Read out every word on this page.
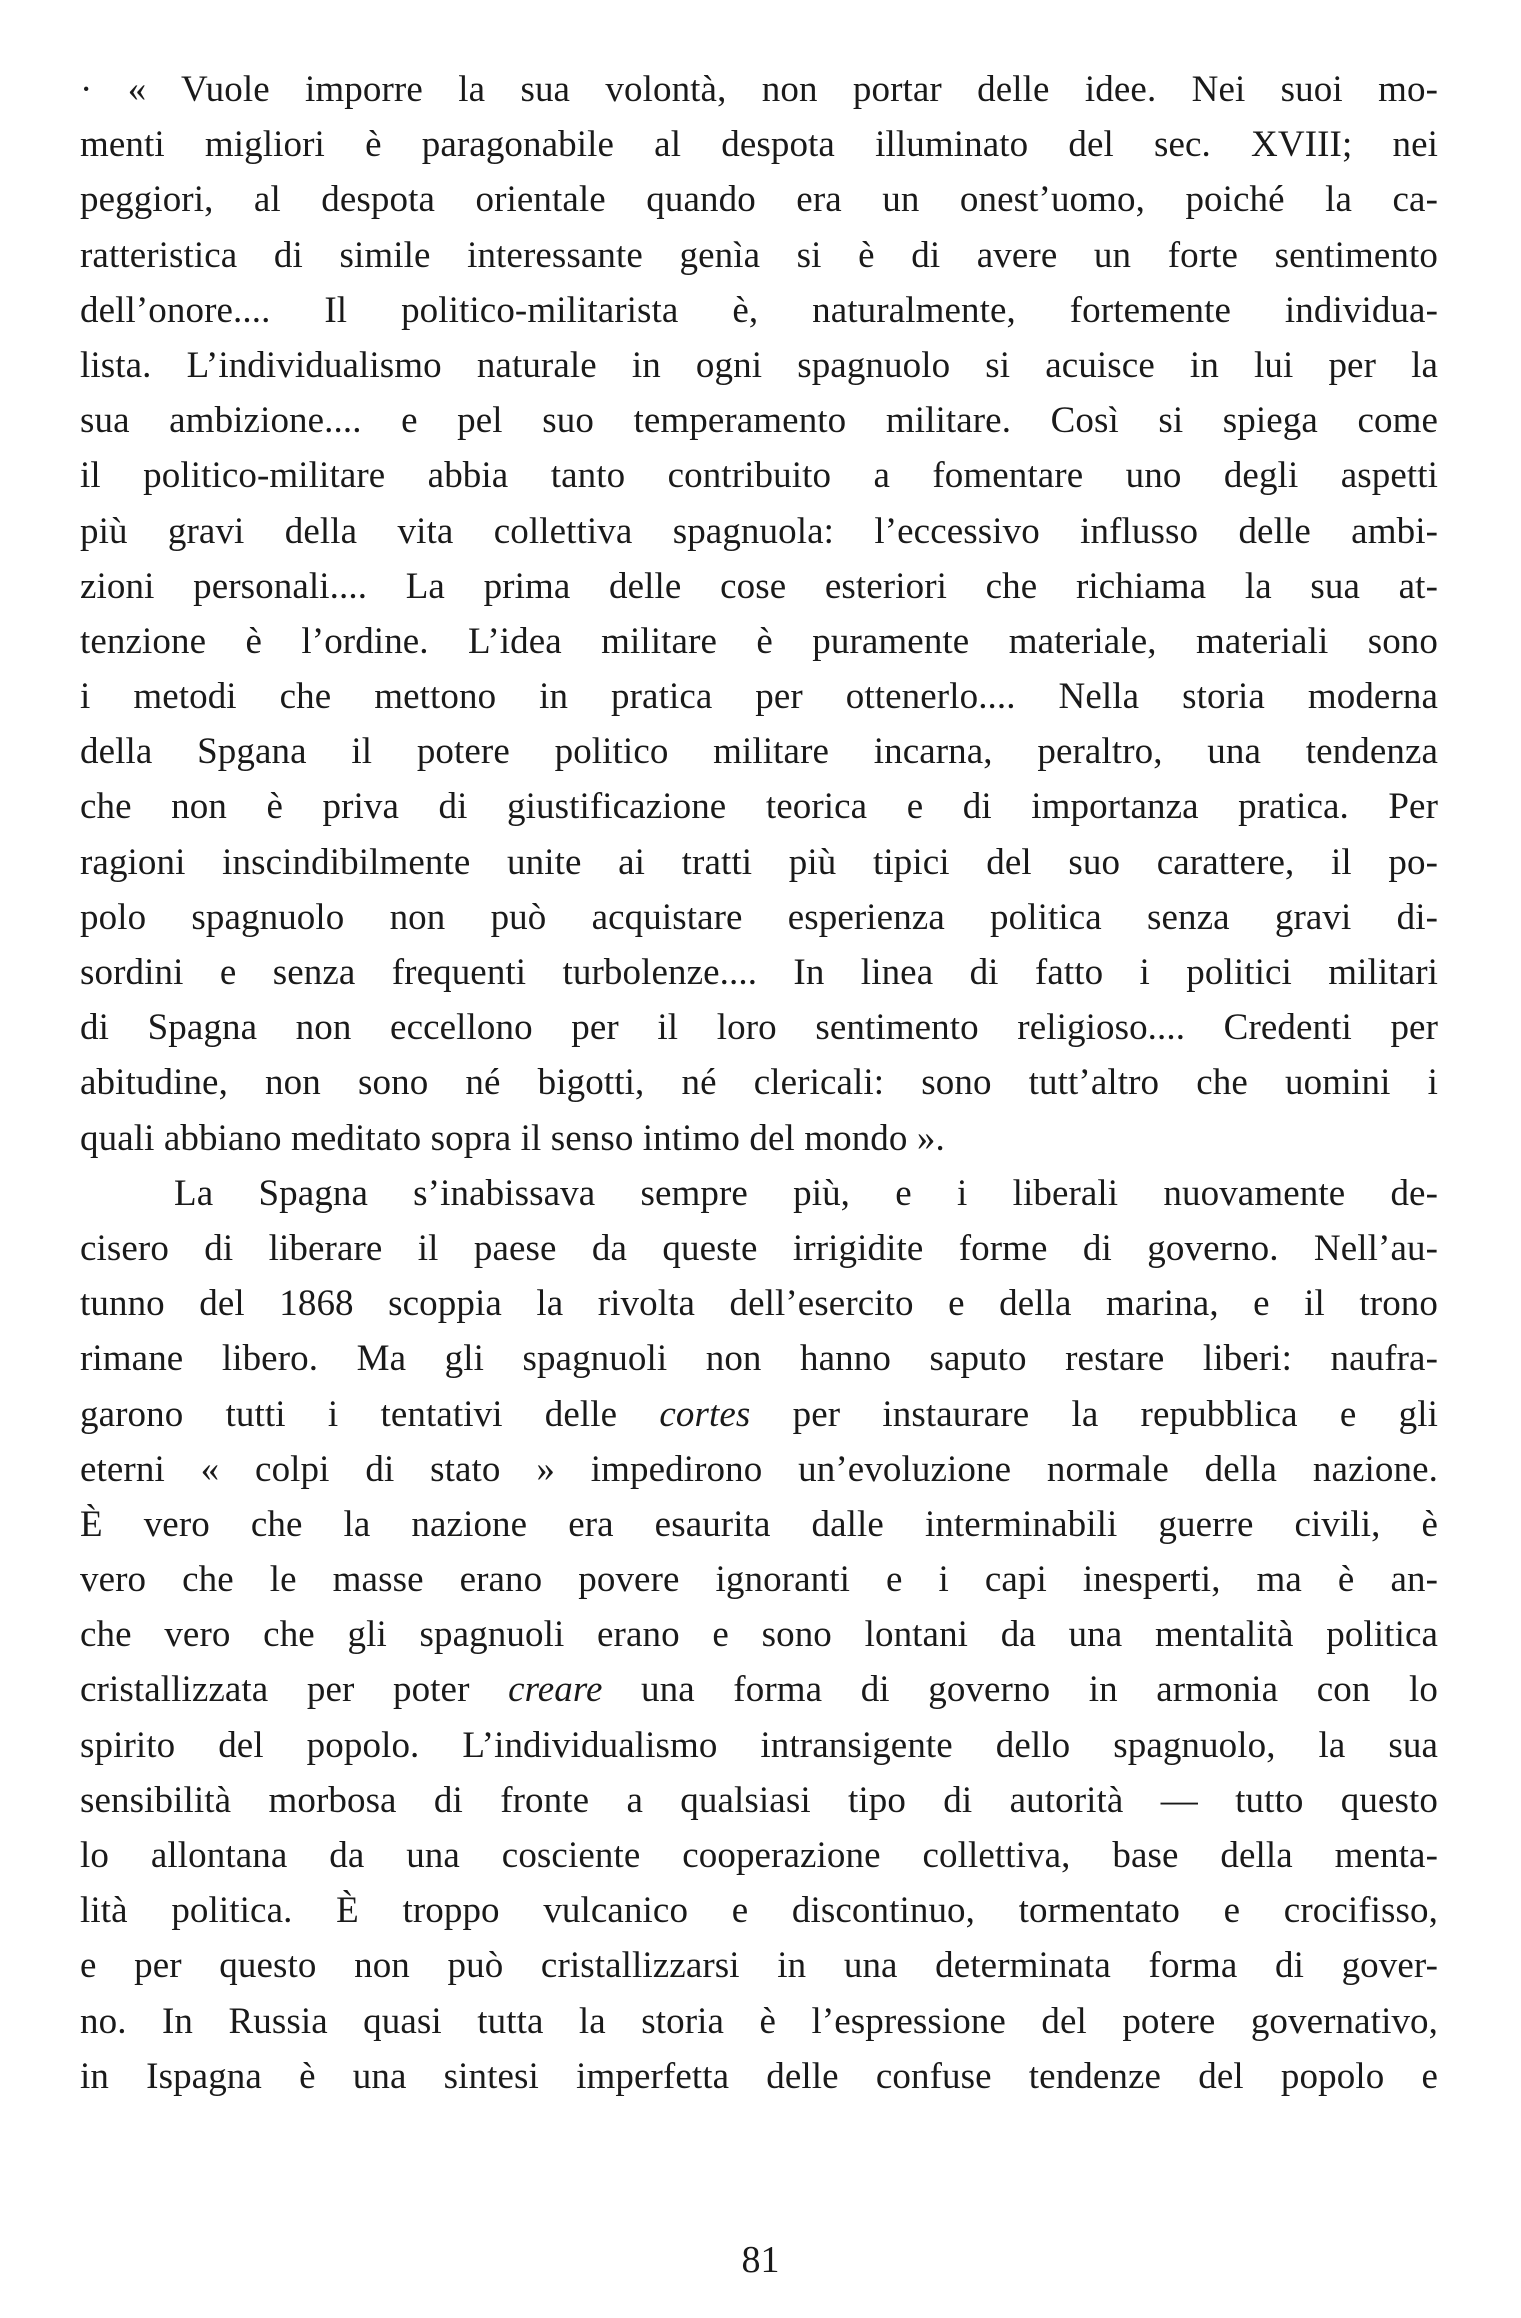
· « Vuole imporre la sua volontà, non portar delle idee. Nei suoi mo-
menti migliori è paragonabile al despota illuminato del sec. XVIII; nei
peggiori, al despota orientale quando era un onest’uomo, poiché la ca-
ratteristica di simile interessante genìa si è di avere un forte sentimento
dell’onore.... Il politico-militarista è, naturalmente, fortemente individua-
lista. L’individualismo naturale in ogni spagnuolo si acuisce in lui per la
sua ambizione.... e pel suo temperamento militare. Così si spiega come
il politico-militare abbia tanto contribuito a fomentare uno degli aspetti
più gravi della vita collettiva spagnuola: l’eccessivo influsso delle ambi-
zioni personali.... La prima delle cose esteriori che richiama la sua at-
tenzione è l’ordine. L’idea militare è puramente materiale, materiali sono
i metodi che mettono in pratica per ottenerlo.... Nella storia moderna
della Spgana il potere politico militare incarna, peraltro, una tendenza
che non è priva di giustificazione teorica e di importanza pratica. Per
ragioni inscindibilmente unite ai tratti più tipici del suo carattere, il po-
polo spagnuolo non può acquistare esperienza politica senza gravi di-
sordini e senza frequenti turbolenze.... In linea di fatto i politici militari
di Spagna non eccellono per il loro sentimento religioso.... Credenti per
abitudine, non sono né bigotti, né clericali: sono tutt’altro che uomini i
quali abbiano meditato sopra il senso intimo del mondo ».
La Spagna s’inabissava sempre più, e i liberali nuovamente de-
cisero di liberare il paese da queste irrigidite forme di governo. Nell’au-
tunno del 1868 scoppia la rivolta dell’esercito e della marina, e il trono
rimane libero. Ma gli spagnuoli non hanno saputo restare liberi: naufra-
garono tutti i tentativi delle cortes per instaurare la repubblica e gli
eterni « colpi di stato » impedirono un’evoluzione normale della nazione.
È vero che la nazione era esaurita dalle interminabili guerre civili, è
vero che le masse erano povere ignoranti e i capi inesperti, ma è an-
che vero che gli spagnuoli erano e sono lontani da una mentalità politica
cristallizzata per poter creare una forma di governo in armonia con lo
spirito del popolo. L’individualismo intransigente dello spagnuolo, la sua
sensibilità morbosa di fronte a qualsiasi tipo di autorità — tutto questo
lo allontana da una cosciente cooperazione collettiva, base della menta-
lità politica. È troppo vulcanico e discontinuo, tormentato e crocifisso,
e per questo non può cristallizzarsi in una determinata forma di gover-
no. In Russia quasi tutta la storia è l’espressione del potere governativo,
in Ispagna è una sintesi imperfetta delle confuse tendenze del popolo e
81
